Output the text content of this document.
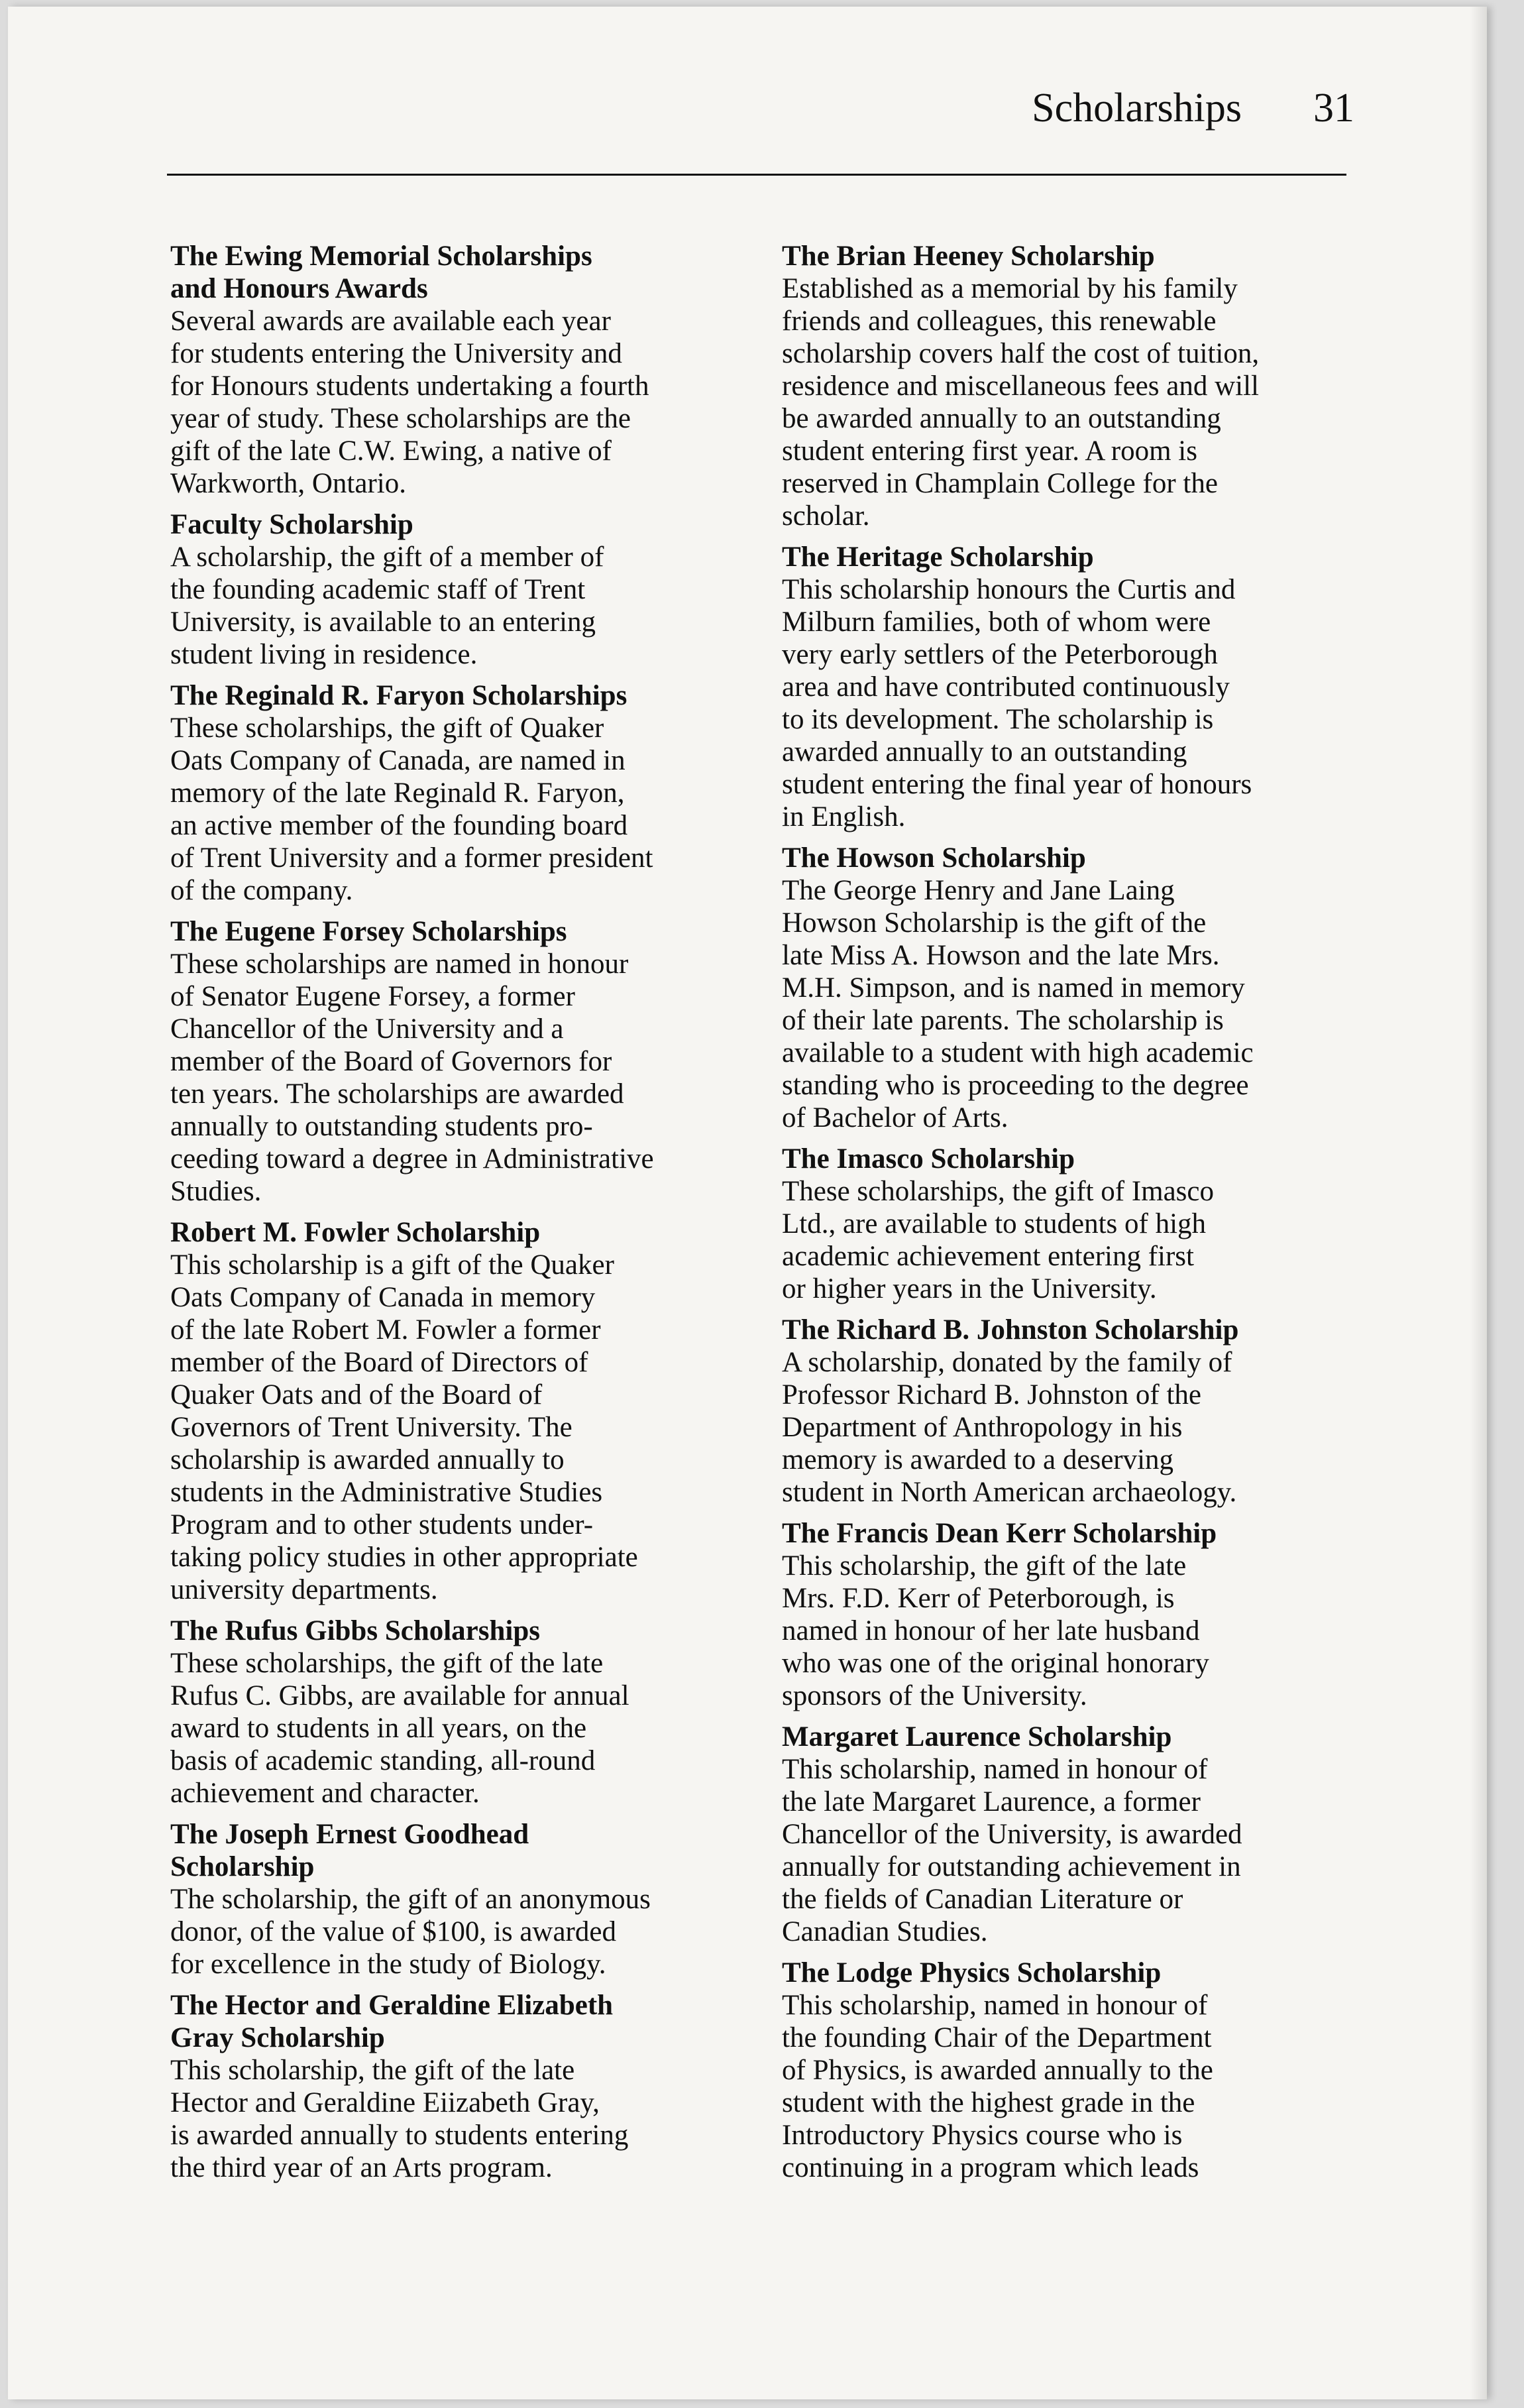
Scholarships 31
The Ewing Memorial Scholarships
and Honours Awards
Several awards are available each year
for students entering the University and
for Honours students undertaking a fourth
year of study. These scholarships are the
gift of the late C.W. Ewing, a native of
Warkworth, Ontario.
Faculty Scholarship
A scholarship, the gift of a member of
the founding academic staff of Trent
University, is available to an entering
student living in residence.
The Reginald R. Faryon Scholarships
These scholarships, the gift of Quaker
Oats Company of Canada, are named in
memory of the late Reginald R. Faryon,
an active member of the founding board
of Trent University and a former president
of the company.
The Eugene Forsey Scholarships
These scholarships are named in honour
of Senator Eugene Forsey, a former
Chancellor of the University and a
member of the Board of Governors for
ten years. The scholarships are awarded
annually to outstanding students pro-
ceeding toward a degree in Administrative
Studies.
Robert M. Fowler Scholarship
This scholarship is a gift of the Quaker
Oats Company of Canada in memory
of the late Robert M. Fowler a former
member of the Board of Directors of
Quaker Oats and of the Board of
Governors of Trent University. The
scholarship is awarded annually to
students in the Administrative Studies
Program and to other students under-
taking policy studies in other appropriate
university departments.
The Rufus Gibbs Scholarships
These scholarships, the gift of the late
Rufus C. Gibbs, are available for annual
award to students in all years, on the
basis of academic standing, all-round
achievement and character.
The Joseph Ernest Goodhead
Scholarship
The scholarship, the gift of an anonymous
donor, of the value of $100, is awarded
for excellence in the study of Biology.
The Hector and Geraldine Elizabeth
Gray Scholarship
This scholarship, the gift of the late
Hector and Geraldine Eiizabeth Gray,
is awarded annually to students entering
the third year of an Arts program.
The Brian Heeney Scholarship
Established as a memorial by his family
friends and colleagues, this renewable
scholarship covers half the cost of tuition,
residence and miscellaneous fees and will
be awarded annually to an outstanding
student entering first year. A room is
reserved in Champlain College for the
scholar.
The Heritage Scholarship
This scholarship honours the Curtis and
Milburn families, both of whom were
very early settlers of the Peterborough
area and have contributed continuously
to its development. The scholarship is
awarded annually to an outstanding
student entering the final year of honours
in English.
The Howson Scholarship
The George Henry and Jane Laing
Howson Scholarship is the gift of the
late Miss A. Howson and the late Mrs.
M.H. Simpson, and is named in memory
of their late parents. The scholarship is
available to a student with high academic
standing who is proceeding to the degree
of Bachelor of Arts.
The Imasco Scholarship
These scholarships, the gift of Imasco
Ltd., are available to students of high
academic achievement entering first
or higher years in the University.
The Richard B. Johnston Scholarship
A scholarship, donated by the family of
Professor Richard B. Johnston of the
Department of Anthropology in his
memory is awarded to a deserving
student in North American archaeology.
The Francis Dean Kerr Scholarship
This scholarship, the gift of the late
Mrs. F.D. Kerr of Peterborough, is
named in honour of her late husband
who was one of the original honorary
sponsors of the University.
Margaret Laurence Scholarship
This scholarship, named in honour of
the late Margaret Laurence, a former
Chancellor of the University, is awarded
annually for outstanding achievement in
the fields of Canadian Literature or
Canadian Studies.
The Lodge Physics Scholarship
This scholarship, named in honour of
the founding Chair of the Department
of Physics, is awarded annually to the
student with the highest grade in the
Introductory Physics course who is
continuing in a program which leads
